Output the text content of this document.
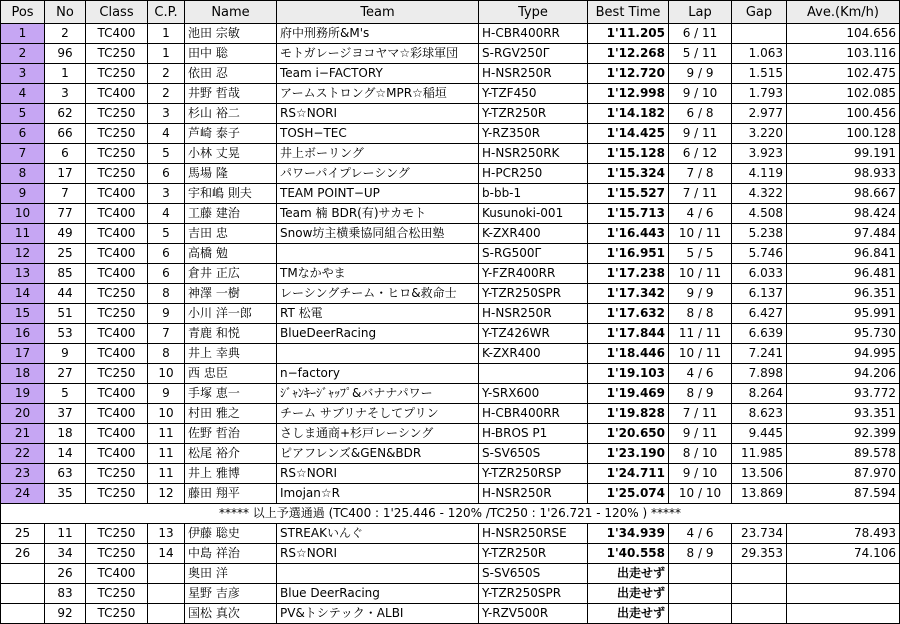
Pos	No	Class	C.P.	Name	Team	Type	Best Time	Lap	Gap	Ave.(Km/h)
1	2	TC400	1	池田 宗敏	府中刑務所&M's	H-CBR400RR	1'11.205	6 / 11		104.656
2	96	TC250	1	田中 聡	モトガレージヨコヤマ☆彩球軍団	S-RGV250Γ	1'12.268	5 / 11	1.063	103.116
3	1	TC250	2	依田 忍	Team i−FACTORY	H-NSR250R	1'12.720	9 / 9	1.515	102.475
4	3	TC400	2	井野 哲哉	アームストロング☆MPR☆稲垣	Y-TZF450	1'12.998	9 / 10	1.793	102.085
5	62	TC250	3	杉山 裕二	RS☆NORI	Y-TZR250R	1'14.182	6 / 8	2.977	100.456
6	66	TC250	4	芦崎 泰子	TOSH−TEC	Y-RZ350R	1'14.425	9 / 11	3.220	100.128
7	6	TC250	5	小林 丈晃	井上ボーリング	H-NSR250RK	1'15.128	6 / 12	3.923	99.191
8	17	TC250	6	馬場 隆	パワーパイプレーシング	H-PCR250	1'15.324	7 / 8	4.119	98.933
9	7	TC400	3	宇和嶋 則夫	TEAM POINT−UP	b-bb-1	1'15.527	7 / 11	4.322	98.667
10	77	TC400	4	工藤 建治	Team 楠 BDR(有)サカモト	Kusunoki-001	1'15.713	4 / 6	4.508	98.424
11	49	TC400	5	吉田 忠	Snow坊主横乗協同組合松田塾	K-ZXR400	1'16.443	10 / 11	5.238	97.484
12	25	TC400	6	高橋 勉		S-RG500Γ	1'16.951	5 / 5	5.746	96.841
13	85	TC400	6	倉井 正広	TMなかやま	Y-FZR400RR	1'17.238	10 / 11	6.033	96.481
14	44	TC250	8	神澤 一樹	レーシングチーム・ヒロ&救命士	Y-TZR250SPR	1'17.342	9 / 9	6.137	96.351
15	51	TC250	9	小川 洋一郎	RT 松電	H-NSR250R	1'17.632	8 / 8	6.427	95.991
16	53	TC400	7	青鹿 和悦	BlueDeerRacing	Y-TZ426WR	1'17.844	11 / 11	6.639	95.730
17	9	TC400	8	井上 幸典		K-ZXR400	1'18.446	10 / 11	7.241	94.995
18	27	TC250	10	西 忠臣	n−factory		1'19.103	4 / 6	7.898	94.206
19	5	TC400	9	手塚 恵一	ｼﾞｬﾝｷｰｼﾞｬｯﾌﾟ&バナナパワー	Y-SRX600	1'19.469	8 / 9	8.264	93.772
20	37	TC400	10	村田 雅之	チーム サブリナそしてプリン	H-CBR400RR	1'19.828	7 / 11	8.623	93.351
21	18	TC400	11	佐野 哲治	さしま通商+杉戸レーシング	H-BROS P1	1'20.650	9 / 11	9.445	92.399
22	14	TC400	11	松尾 裕介	ピアフレンズ&GEN&BDR	S-SV650S	1'23.190	8 / 10	11.985	89.578
23	63	TC250	11	井上 雅博	RS☆NORI	Y-TZR250RSP	1'24.711	9 / 10	13.506	87.970
24	35	TC250	12	藤田 翔平	Imojan☆R	H-NSR250R	1'25.074	10 / 10	13.869	87.594
***** 以上予選通過 (TC400 : 1'25.446 - 120% /TC250 : 1'26.721 - 120% ) *****										
25	11	TC250	13	伊藤 聡史	STREAKいんぐ	H-NSR250RSE	1'34.939	4 / 6	23.734	78.493
26	34	TC250	14	中島 祥治	RS☆NORI	Y-TZR250R	1'40.558	8 / 9	29.353	74.106
	26	TC400		奥田 洋		S-SV650S	出走せず			
	83	TC250		星野 吉彦	Blue DeerRacing	Y-TZR250SPR	出走せず			
	92	TC250		国松 真次	PV&トシテック・ALBI	Y-RZV500R	出走せず			
